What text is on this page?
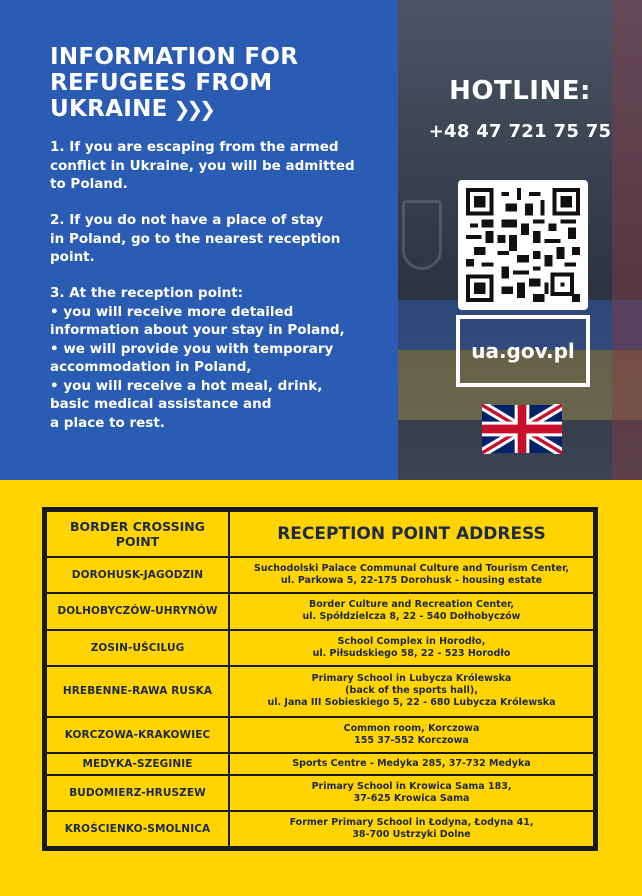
INFORMATION FOR
REFUGEES FROM
UKRAINE ❯❯❯
1. If you are escaping from the armed
conflict in Ukraine, you will be admitted
to Poland.
2. If you do not have a place of stay
in Poland, go to the nearest reception
point.
3. At the reception point:
• you will receive more detailed
information about your stay in Poland,
• we will provide you with temporary
accommodation in Poland,
• you will receive a hot meal, drink,
basic medical assistance and
a place to rest.
HOTLINE:
+48 47 721 75 75
ua.gov.pl
BORDER CROSSING
POINT	RECEPTION POINT ADDRESS
DOROHUSK-JAGODZIN	Suchodolski Palace Communal Culture and Tourism Center,
ul. Parkowa 5, 22-175 Dorohusk - housing estate

DOLHOBYCZÓW-UHRYNÓW	Border Culture and Recreation Center,
ul. Spółdzielcza 8, 22 - 540 Dołhobyczów

ZOSIN-UŚCILUG	School Complex in Horodło,
ul. Piłsudskiego 58, 22 - 523 Horodło

HREBENNE-RAWA RUSKA	Primary School in Lubycza Królewska
(back of the sports hall),
ul. Jana III Sobieskiego 5, 22 - 680 Lubycza Królewska

KORCZOWA-KRAKOWIEC	Common room, Korczowa
155 37-552 Korczowa

MEDYKA-SZEGINIE	Sports Centre - Medyka 285, 37-732 Medyka

BUDOMIERZ-HRUSZEW	Primary School in Krowica Sama 183,
37-625 Krowica Sama

KROŚCIENKO-SMOLNICA	Former Primary School in Łodyna, Łodyna 41,
38-700 Ustrzyki Dolne
